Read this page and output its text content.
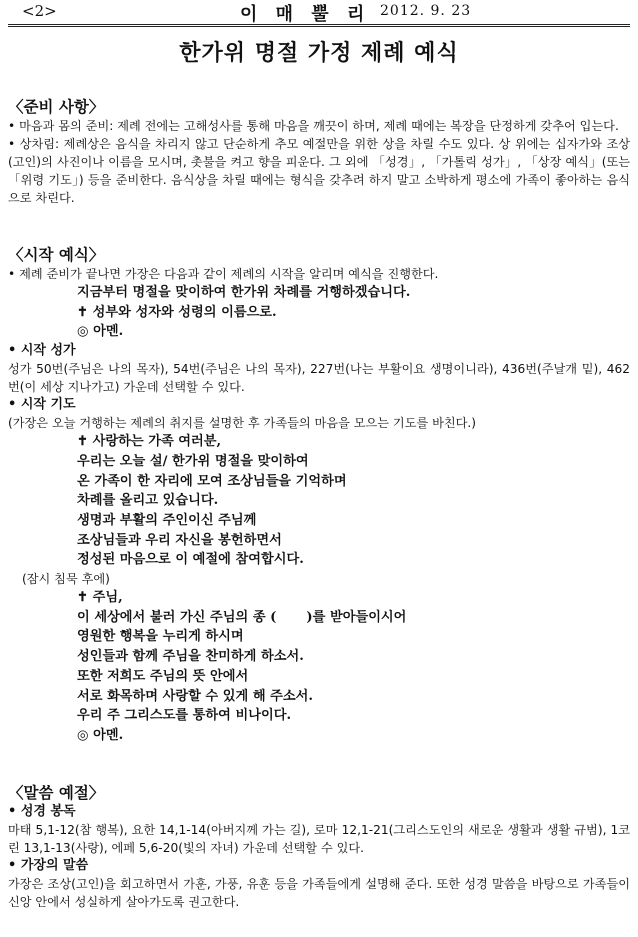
<2>	이 매 뿔 리 2012. 9. 23
한가위 명절 가정 제례 예식
〈준비 사항〉

• 마음과 몸의 준비: 제례 전에는 고해성사를 통해 마음을 깨끗이 하며, 제례 때에는 복장을 단정하게 갖추어 입는다.

• 상차림: 제례상은 음식을 차리지 않고 단순하게 추모 예절만을 위한 상을 차릴 수도 있다. 상 위에는 십자가와 조상(고인)의 사진이나 이름을 모시며, 촛불을 켜고 향을 피운다. 그 외에 「성경」, 「가톨릭 성가」, 「상장 예식」(또는 「위령 기도」) 등을 준비한다. 음식상을 차릴 때에는 형식을 갖추려 하지 말고 소박하게 평소에 가족이 좋아하는 음식으로 차린다.

〈시작 예식〉

• 제례 준비가 끝나면 가장은 다음과 같이 제례의 시작을 알리며 예식을 진행한다.

지금부터 명절을 맞이하여 한가위 차례를 거행하겠습니다.

✝ 성부와 성자와 성령의 이름으로.

◎ 아멘.

• 시작 성가

성가 50번(주님은 나의 목자), 54번(주님은 나의 목자), 227번(나는 부활이요 생명이니라), 436번(주날개 밑), 462번(이 세상 지나가고) 가운데 선택할 수 있다.

• 시작 기도

(가장은 오늘 거행하는 제례의 취지를 설명한 후 가족들의 마음을 모으는 기도를 바친다.)

✝ 사랑하는 가족 여러분,

우리는 오늘 설/ 한가위 명절을 맞이하여

온 가족이 한 자리에 모여 조상님들을 기억하며

차례를 올리고 있습니다.

생명과 부활의 주인이신 주님께

조상님들과 우리 자신을 봉헌하면서

정성된 마음으로 이 예절에 참여합시다.

(잠시 침묵 후에)

✝ 주님,

이 세상에서 불러 가신 주님의 종 ( )를 받아들이시어

영원한 행복을 누리게 하시며

성인들과 함께 주님을 찬미하게 하소서.

또한 저희도 주님의 뜻 안에서

서로 화목하며 사랑할 수 있게 해 주소서.

우리 주 그리스도를 통하여 비나이다.

◎ 아멘.

〈말씀 예절〉

• 성경 봉독

마태 5,1-12(참 행복), 요한 14,1-14(아버지께 가는 길), 로마 12,1-21(그리스도인의 새로운 생활과 생활 규범), 1코린 13,1-13(사랑), 에페 5,6-20(빛의 자녀) 가운데 선택할 수 있다.

• 가장의 말씀

가장은 조상(고인)을 회고하면서 가훈, 가풍, 유훈 등을 가족들에게 설명해 준다. 또한 성경 말씀을 바탕으로 가족들이 신앙 안에서 성실하게 살아가도록 권고한다.
